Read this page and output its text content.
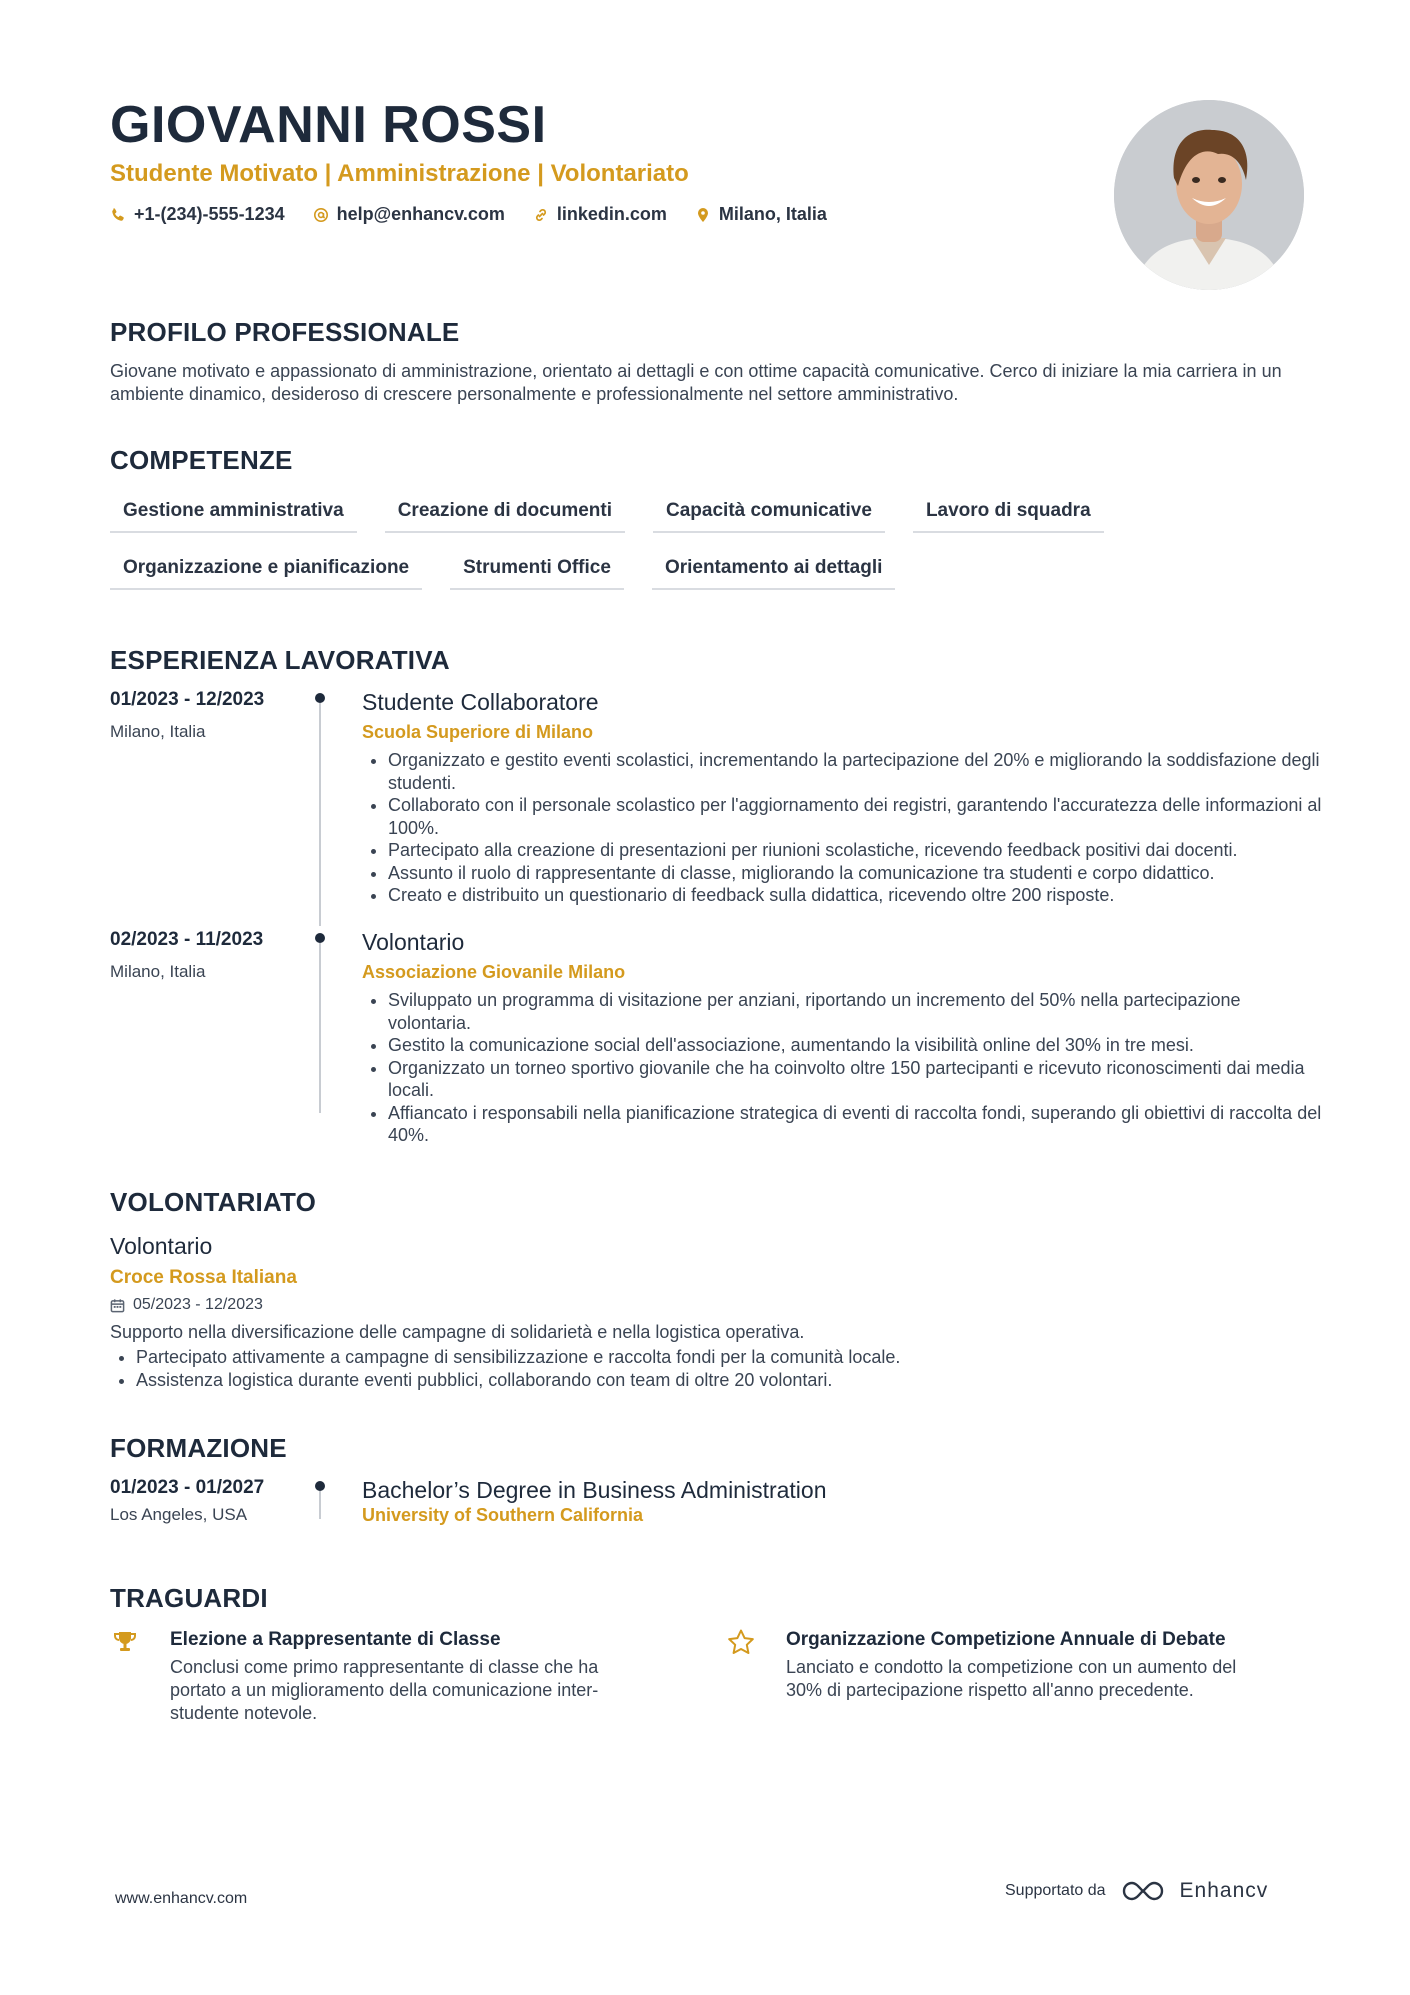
GIOVANNI ROSSI
Studente Motivato | Amministrazione | Volontariato
+1-(234)-555-1234	help@enhancv.com	linkedin.com	Milano, Italia
PROFILO PROFESSIONALE
Giovane motivato e appassionato di amministrazione, orientato ai dettagli e con ottime capacità comunicative. Cerco di iniziare la mia carriera in un ambiente dinamico, desideroso di crescere personalmente e professionalmente nel settore amministrativo.
COMPETENZE
Gestione amministrativa	Creazione di documenti	Capacità comunicative	Lavoro di squadra
Organizzazione e pianificazione	Strumenti Office	Orientamento ai dettagli
ESPERIENZA LAVORATIVA
01/2023 - 12/2023
Milano, Italia
Studente Collaboratore
Scuola Superiore di Milano
• Organizzato e gestito eventi scolastici, incrementando la partecipazione del 20% e migliorando la soddisfazione degli studenti.
• Collaborato con il personale scolastico per l'aggiornamento dei registri, garantendo l'accuratezza delle informazioni al 100%.
• Partecipato alla creazione di presentazioni per riunioni scolastiche, ricevendo feedback positivi dai docenti.
• Assunto il ruolo di rappresentante di classe, migliorando la comunicazione tra studenti e corpo didattico.
• Creato e distribuito un questionario di feedback sulla didattica, ricevendo oltre 200 risposte.
02/2023 - 11/2023
Milano, Italia
Volontario
Associazione Giovanile Milano
• Sviluppato un programma di visitazione per anziani, riportando un incremento del 50% nella partecipazione volontaria.
• Gestito la comunicazione social dell'associazione, aumentando la visibilità online del 30% in tre mesi.
• Organizzato un torneo sportivo giovanile che ha coinvolto oltre 150 partecipanti e ricevuto riconoscimenti dai media locali.
• Affiancato i responsabili nella pianificazione strategica di eventi di raccolta fondi, superando gli obiettivi di raccolta del 40%.
VOLONTARIATO
Volontario
Croce Rossa Italiana
05/2023 - 12/2023
Supporto nella diversificazione delle campagne di solidarietà e nella logistica operativa.
• Partecipato attivamente a campagne di sensibilizzazione e raccolta fondi per la comunità locale.
• Assistenza logistica durante eventi pubblici, collaborando con team di oltre 20 volontari.
FORMAZIONE
01/2023 - 01/2027
Los Angeles, USA
Bachelor’s Degree in Business Administration
University of Southern California
TRAGUARDI
Elezione a Rappresentante di Classe
Conclusi come primo rappresentante di classe che ha portato a un miglioramento della comunicazione inter-studente notevole.
Organizzazione Competizione Annuale di Debate
Lanciato e condotto la competizione con un aumento del 30% di partecipazione rispetto all'anno precedente.
www.enhancv.com	Supportato da	Enhancv
